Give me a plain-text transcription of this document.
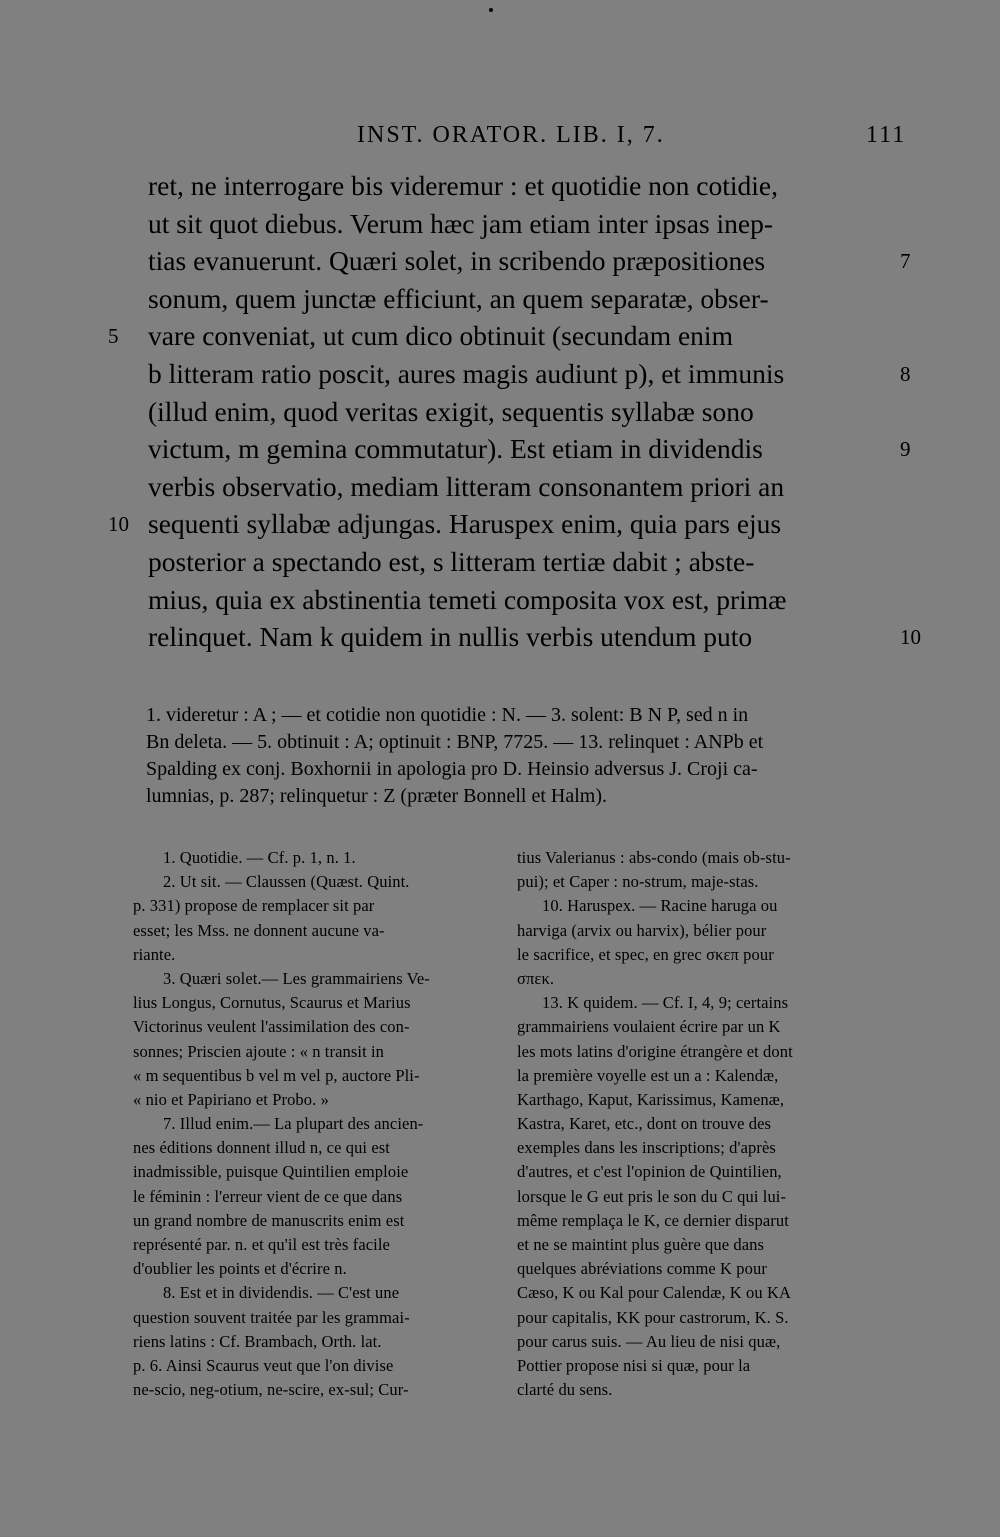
INST. ORATOR. LIB. I, 7.	111
ret, ne interrogare bis videremur : et quotidie non cotidie,
ut sit quot diebus. Verum hæc jam etiam inter ipsas inep-
tias evanuerunt. Quæri solet, in scribendo præpositiones	7
sonum, quem junctæ efficiunt, an quem separatæ, obser-
vare conveniat, ut cum dico obtinuit (secundam enim
5
b litteram ratio poscit, aures magis audiunt p), et immunis	8
(illud enim, quod veritas exigit, sequentis syllabæ sono
victum, m gemina commutatur). Est etiam in dividendis	9
verbis observatio, mediam litteram consonantem priori an
sequenti syllabæ adjungas. Haruspex enim, quia pars ejus
10
posterior a spectando est, s litteram tertiæ dabit ; abste-
mius, quia ex abstinentia temeti composita vox est, primæ
relinquet. Nam k quidem in nullis verbis utendum puto	10
1. videretur : A ; — et cotidie non quotidie : N. — 3. solent: B N P, sed n in
Bn deleta. — 5. obtinuit : A; optinuit : BNP, 7725. — 13. relinquet : ANPb et
Spalding ex conj. Boxhornii in apologia pro D. Heinsio adversus J. Croji ca-
lumnias, p. 287; relinquetur : Z (præter Bonnell et Halm).
1. Quotidie. — Cf. p. 1, n. 1.
2. Ut sit. — Claussen (Quæst. Quint.
p. 331) propose de remplacer sit par
esset; les Mss. ne donnent aucune va-
riante.
3. Quæri solet.— Les grammairiens Ve-
lius Longus, Cornutus, Scaurus et Marius
Victorinus veulent l'assimilation des con-
sonnes; Priscien ajoute : « n transit in
« m sequentibus b vel m vel p, auctore Pli-
« nio et Papiriano et Probo. »
7. Illud enim.— La plupart des ancien-
nes éditions donnent illud n, ce qui est
inadmissible, puisque Quintilien emploie
le féminin : l'erreur vient de ce que dans
un grand nombre de manuscrits enim est
représenté par. n. et qu'il est très facile
d'oublier les points et d'écrire n.
8. Est et in dividendis. — C'est une
question souvent traitée par les grammai-
riens latins : Cf. Brambach, Orth. lat.
p. 6. Ainsi Scaurus veut que l'on divise
ne-scio, neg-otium, ne-scire, ex-sul; Cur-
tius Valerianus : abs-condo (mais ob-stu-
pui); et Caper : no-strum, maje-stas.
10. Haruspex. — Racine haruga ou
harviga (arvix ou harvix), bélier pour
le sacrifice, et spec, en grec σκεπ pour
σπεκ.
13. K quidem. — Cf. I, 4, 9; certains
grammairiens voulaient écrire par un K
les mots latins d'origine étrangère et dont
la première voyelle est un a : Kalendæ,
Karthago, Kaput, Karissimus, Kamenæ,
Kastra, Karet, etc., dont on trouve des
exemples dans les inscriptions; d'après
d'autres, et c'est l'opinion de Quintilien,
lorsque le G eut pris le son du C qui lui-
même remplaça le K, ce dernier disparut
et ne se maintint plus guère que dans
quelques abréviations comme K pour
Cæso, K ou Kal pour Calendæ, K ou KA
pour capitalis, KK pour castrorum, K. S.
pour carus suis. — Au lieu de nisi quæ,
Pottier propose nisi si quæ, pour la
clarté du sens.
